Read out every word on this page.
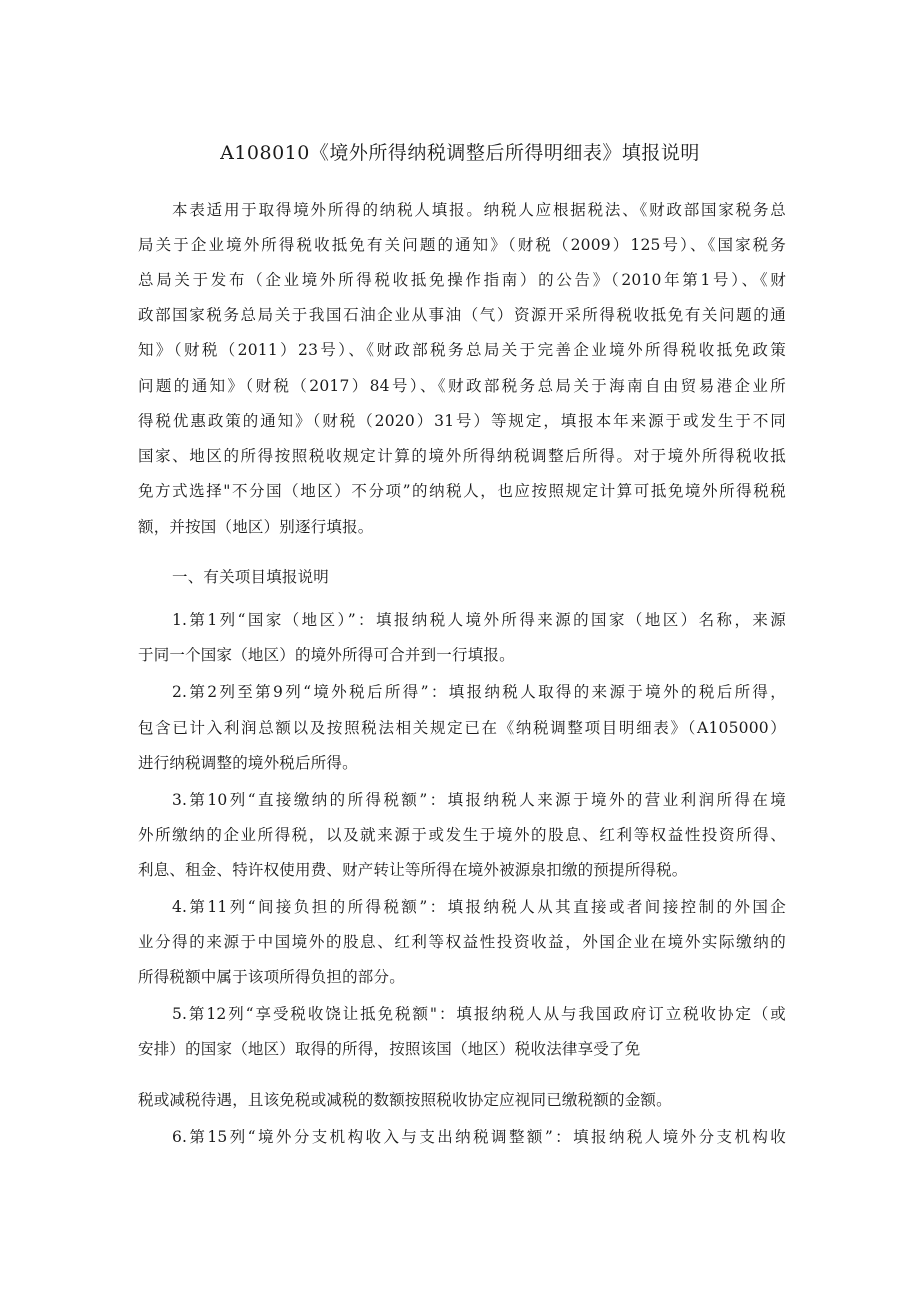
A108010《境外所得纳税调整后所得明细表》填报说明
本表适用于取得境外所得的纳税人填报。纳税人应根据税法、《财政部国家税务总
局关于企业境外所得税收抵免有关问题的通知》（财税（2009）125号）、《国家税务
总局关于发布（企业境外所得税收抵免操作指南）的公告》（2010年第1号）、《财
政部国家税务总局关于我国石油企业从事油（气）资源开采所得税收抵免有关问题的通
知》（财税（2011）23号）、《财政部税务总局关于完善企业境外所得税收抵免政策
问题的通知》（财税（2017）84号）、《财政部税务总局关于海南自由贸易港企业所
得税优惠政策的通知》（财税（2020）31号）等规定，填报本年来源于或发生于不同
国家、地区的所得按照税收规定计算的境外所得纳税调整后所得。对于境外所得税收抵
免方式选择"不分国（地区）不分项”的纳税人，也应按照规定计算可抵免境外所得税税
额，并按国（地区）别逐行填报。
一、有关项目填报说明
1.第1列“国家（地区）”：填报纳税人境外所得来源的国家（地区）名称，来源
于同一个国家（地区）的境外所得可合并到一行填报。
2.第2列至第9列“境外税后所得”：填报纳税人取得的来源于境外的税后所得，
包含已计入利润总额以及按照税法相关规定已在《纳税调整项目明细表》（A105000）
进行纳税调整的境外税后所得。
3.第10列“直接缴纳的所得税额”：填报纳税人来源于境外的营业利润所得在境
外所缴纳的企业所得税，以及就来源于或发生于境外的股息、红利等权益性投资所得、
利息、租金、特许权使用费、财产转让等所得在境外被源泉扣缴的预提所得税。
4.第11列“间接负担的所得税额”：填报纳税人从其直接或者间接控制的外国企
业分得的来源于中国境外的股息、红利等权益性投资收益，外国企业在境外实际缴纳的
所得税额中属于该项所得负担的部分。
5.第12列“享受税收饶让抵免税额"：填报纳税人从与我国政府订立税收协定（或
安排）的国家（地区）取得的所得，按照该国（地区）税收法律享受了免
税或减税待遇，且该免税或减税的数额按照税收协定应视同已缴税额的金额。
6.第15列“境外分支机构收入与支出纳税调整额”：填报纳税人境外分支机构收
